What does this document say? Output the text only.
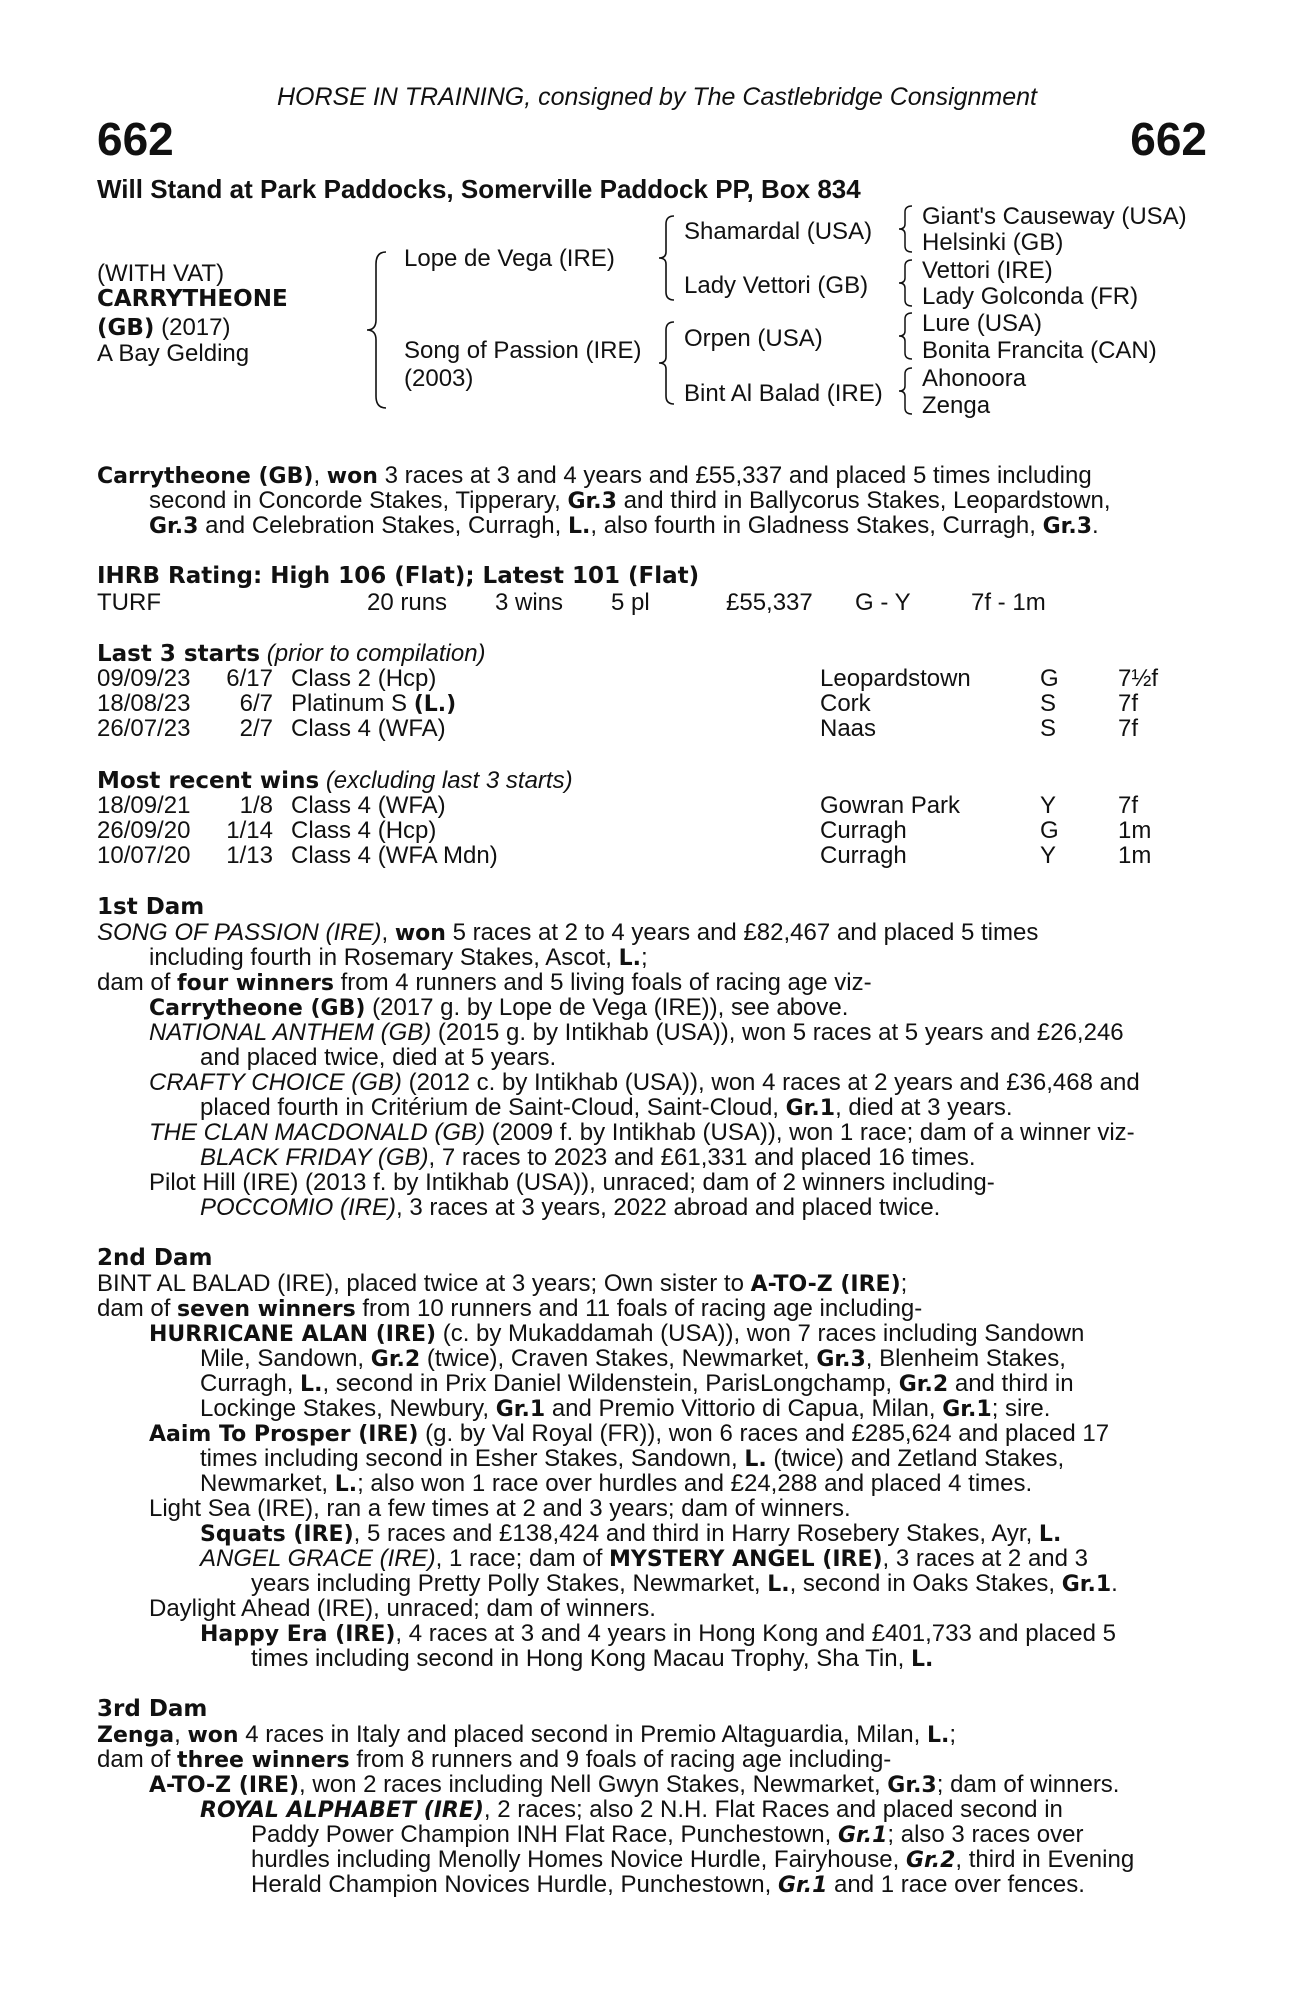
HORSE IN TRAINING, consigned by The Castlebridge Consignment
662	662
Will Stand at Park Paddocks, Somerville Paddock PP, Box 834
(WITH VAT)
CARRYTHEONE
(GB) (2017)
A Bay Gelding
Lope de Vega (IRE)
Song of Passion (IRE)
(2003)
Shamardal (USA)
Lady Vettori (GB)
Orpen (USA)
Bint Al Balad (IRE)
Giant's Causeway (USA)
Helsinki (GB)
Vettori (IRE)
Lady Golconda (FR)
Lure (USA)
Bonita Francita (CAN)
Ahonoora
Zenga
Carrytheone (GB), won 3 races at 3 and 4 years and £55,337 and placed 5 times including
second in Concorde Stakes, Tipperary, Gr.3 and third in Ballycorus Stakes, Leopardstown,
Gr.3 and Celebration Stakes, Curragh, L., also fourth in Gladness Stakes, Curragh, Gr.3.
IHRB Rating: High 106 (Flat); Latest 101 (Flat)
TURF	20 runs 3 wins 5 pl	£55,337 G - Y	7f - 1m
Last 3 starts (prior to compilation)
09/09/23 6/17 Class 2 (Hcp)	Leopardstown	G 7½f
18/08/23 6/7 Platinum S (L.)	Cork	S	7f
26/07/23 2/7 Class 4 (WFA)	Naas	S	7f
Most recent wins (excluding last 3 starts)
18/09/21 1/8 Class 4 (WFA)	Gowran Park	Y	7f
26/09/20 1/14 Class 4 (Hcp)	Curragh	G 1m
10/07/20 1/13 Class 4 (WFA Mdn)	Curragh	Y	1m
1st Dam
SONG OF PASSION (IRE), won 5 races at 2 to 4 years and £82,467 and placed 5 times
including fourth in Rosemary Stakes, Ascot, L.;
dam of four winners from 4 runners and 5 living foals of racing age viz-
Carrytheone (GB) (2017 g. by Lope de Vega (IRE)), see above.
NATIONAL ANTHEM (GB) (2015 g. by Intikhab (USA)), won 5 races at 5 years and £26,246
and placed twice, died at 5 years.
CRAFTY CHOICE (GB) (2012 c. by Intikhab (USA)), won 4 races at 2 years and £36,468 and
placed fourth in Critérium de Saint-Cloud, Saint-Cloud, Gr.1, died at 3 years.
THE CLAN MACDONALD (GB) (2009 f. by Intikhab (USA)), won 1 race; dam of a winner viz-
BLACK FRIDAY (GB), 7 races to 2023 and £61,331 and placed 16 times.
Pilot Hill (IRE) (2013 f. by Intikhab (USA)), unraced; dam of 2 winners including-
POCCOMIO (IRE), 3 races at 3 years, 2022 abroad and placed twice.
2nd Dam
BINT AL BALAD (IRE), placed twice at 3 years; Own sister to A-TO-Z (IRE);
dam of seven winners from 10 runners and 11 foals of racing age including-
HURRICANE ALAN (IRE) (c. by Mukaddamah (USA)), won 7 races including Sandown
Mile, Sandown, Gr.2 (twice), Craven Stakes, Newmarket, Gr.3, Blenheim Stakes,
Curragh, L., second in Prix Daniel Wildenstein, ParisLongchamp, Gr.2 and third in
Lockinge Stakes, Newbury, Gr.1 and Premio Vittorio di Capua, Milan, Gr.1; sire.
Aaim To Prosper (IRE) (g. by Val Royal (FR)), won 6 races and £285,624 and placed 17
times including second in Esher Stakes, Sandown, L. (twice) and Zetland Stakes,
Newmarket, L.; also won 1 race over hurdles and £24,288 and placed 4 times.
Light Sea (IRE), ran a few times at 2 and 3 years; dam of winners.
Squats (IRE), 5 races and £138,424 and third in Harry Rosebery Stakes, Ayr, L.
ANGEL GRACE (IRE), 1 race; dam of MYSTERY ANGEL (IRE), 3 races at 2 and 3
years including Pretty Polly Stakes, Newmarket, L., second in Oaks Stakes, Gr.1.
Daylight Ahead (IRE), unraced; dam of winners.
Happy Era (IRE), 4 races at 3 and 4 years in Hong Kong and £401,733 and placed 5
times including second in Hong Kong Macau Trophy, Sha Tin, L.
3rd Dam
Zenga, won 4 races in Italy and placed second in Premio Altaguardia, Milan, L.;
dam of three winners from 8 runners and 9 foals of racing age including-
A-TO-Z (IRE), won 2 races including Nell Gwyn Stakes, Newmarket, Gr.3; dam of winners.
ROYAL ALPHABET (IRE), 2 races; also 2 N.H. Flat Races and placed second in
Paddy Power Champion INH Flat Race, Punchestown, Gr.1; also 3 races over
hurdles including Menolly Homes Novice Hurdle, Fairyhouse, Gr.2, third in Evening
Herald Champion Novices Hurdle, Punchestown, Gr.1 and 1 race over fences.
